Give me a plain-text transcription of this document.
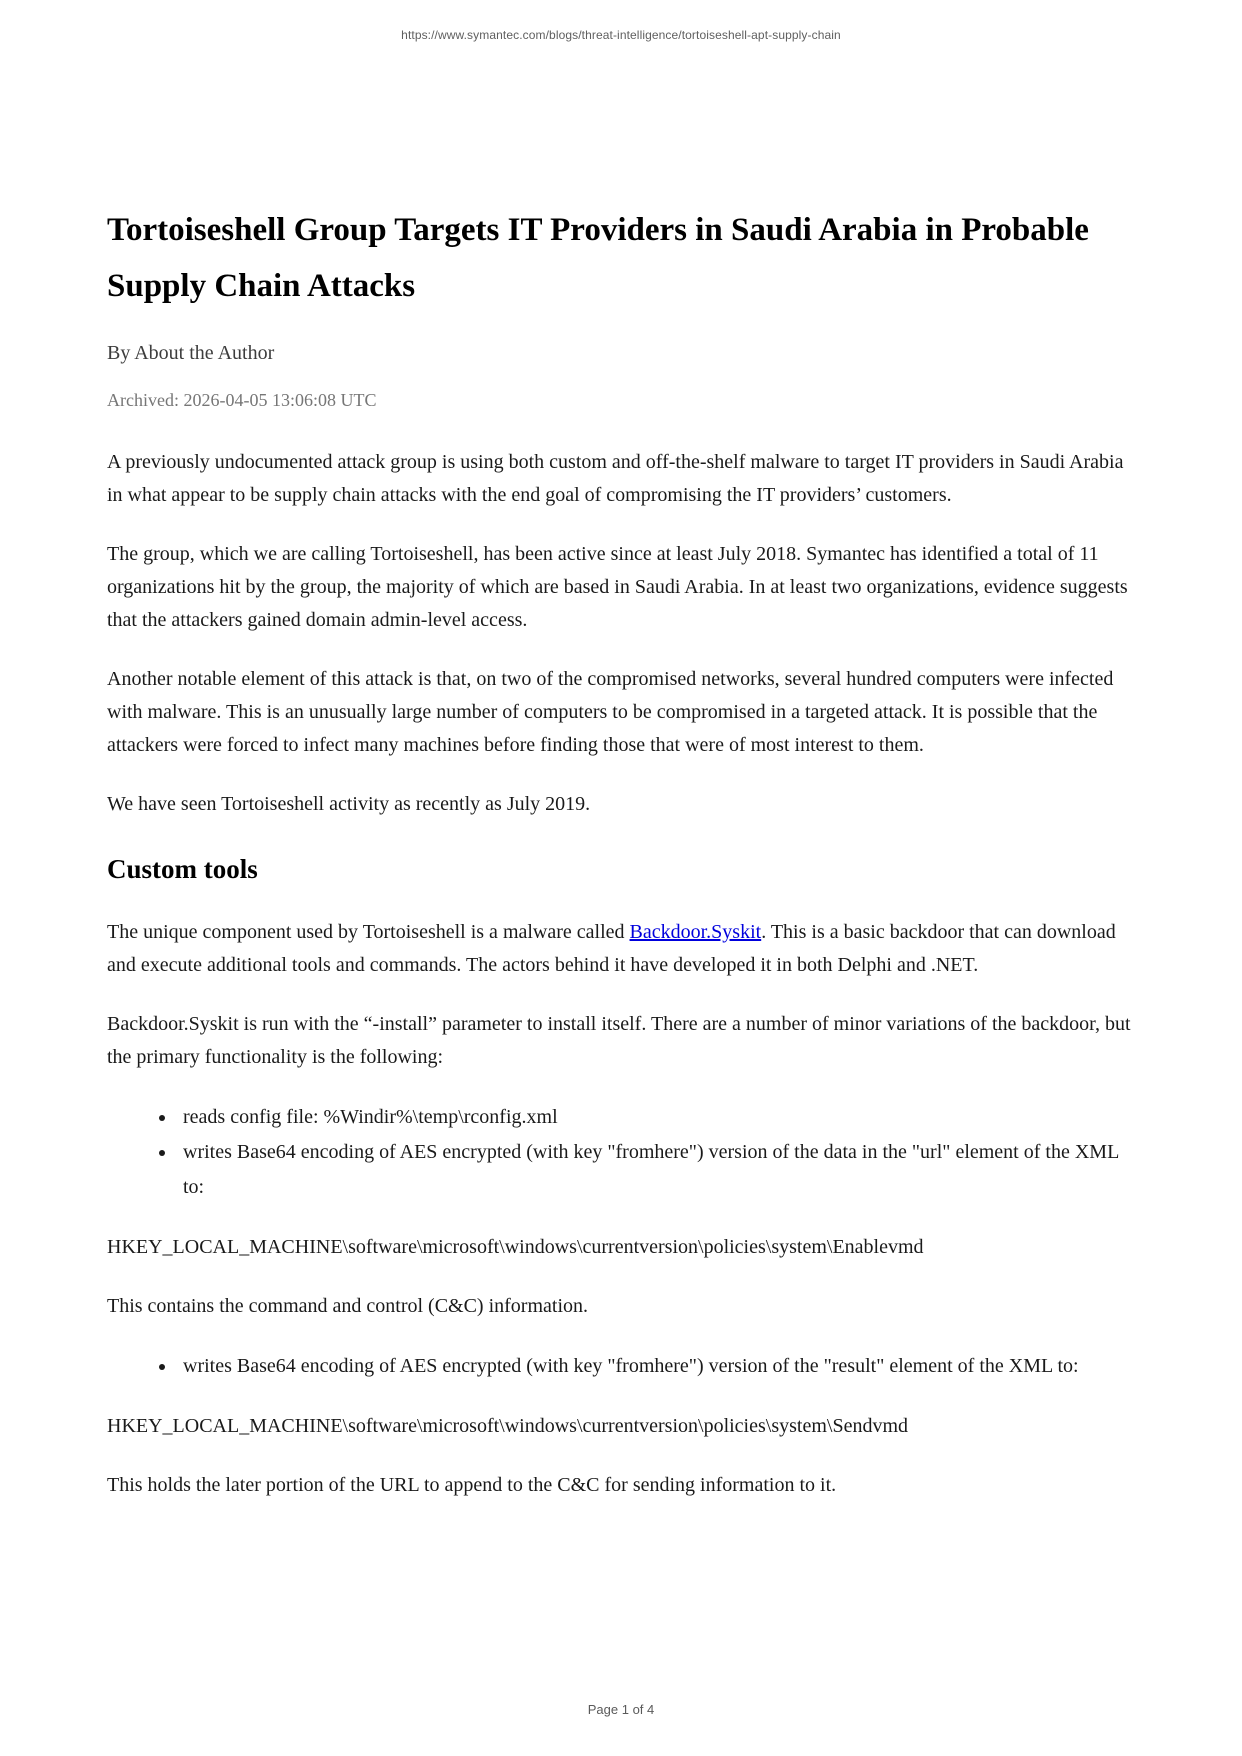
https://www.symantec.com/blogs/threat-intelligence/tortoiseshell-apt-supply-chain
Tortoiseshell Group Targets IT Providers in Saudi Arabia in Probable Supply Chain Attacks

By About the Author

Archived: 2026-04-05 13:06:08 UTC

A previously undocumented attack group is using both custom and off-the-shelf malware to target IT providers in Saudi Arabia in what appear to be supply chain attacks with the end goal of compromising the IT providers’ customers.

The group, which we are calling Tortoiseshell, has been active since at least July 2018. Symantec has identified a total of 11 organizations hit by the group, the majority of which are based in Saudi Arabia. In at least two organizations, evidence suggests that the attackers gained domain admin-level access.

Another notable element of this attack is that, on two of the compromised networks, several hundred computers were infected with malware. This is an unusually large number of computers to be compromised in a targeted attack. It is possible that the attackers were forced to infect many machines before finding those that were of most interest to them.

We have seen Tortoiseshell activity as recently as July 2019.

Custom tools

The unique component used by Tortoiseshell is a malware called Backdoor.Syskit. This is a basic backdoor that can download and execute additional tools and commands. The actors behind it have developed it in both Delphi and .NET.

Backdoor.Syskit is run with the “-install” parameter to install itself. There are a number of minor variations of the backdoor, but the primary functionality is the following:

• reads config file: %Windir%\temp\rconfig.xml
• writes Base64 encoding of AES encrypted (with key "fromhere") version of the data in the "url" element of the XML to:

HKEY_LOCAL_MACHINE\software\microsoft\windows\currentversion\policies\system\Enablevmd

This contains the command and control (C&C) information.

• writes Base64 encoding of AES encrypted (with key "fromhere") version of the "result" element of the XML to:

HKEY_LOCAL_MACHINE\software\microsoft\windows\currentversion\policies\system\Sendvmd

This holds the later portion of the URL to append to the C&C for sending information to it.

Page 1 of 4
